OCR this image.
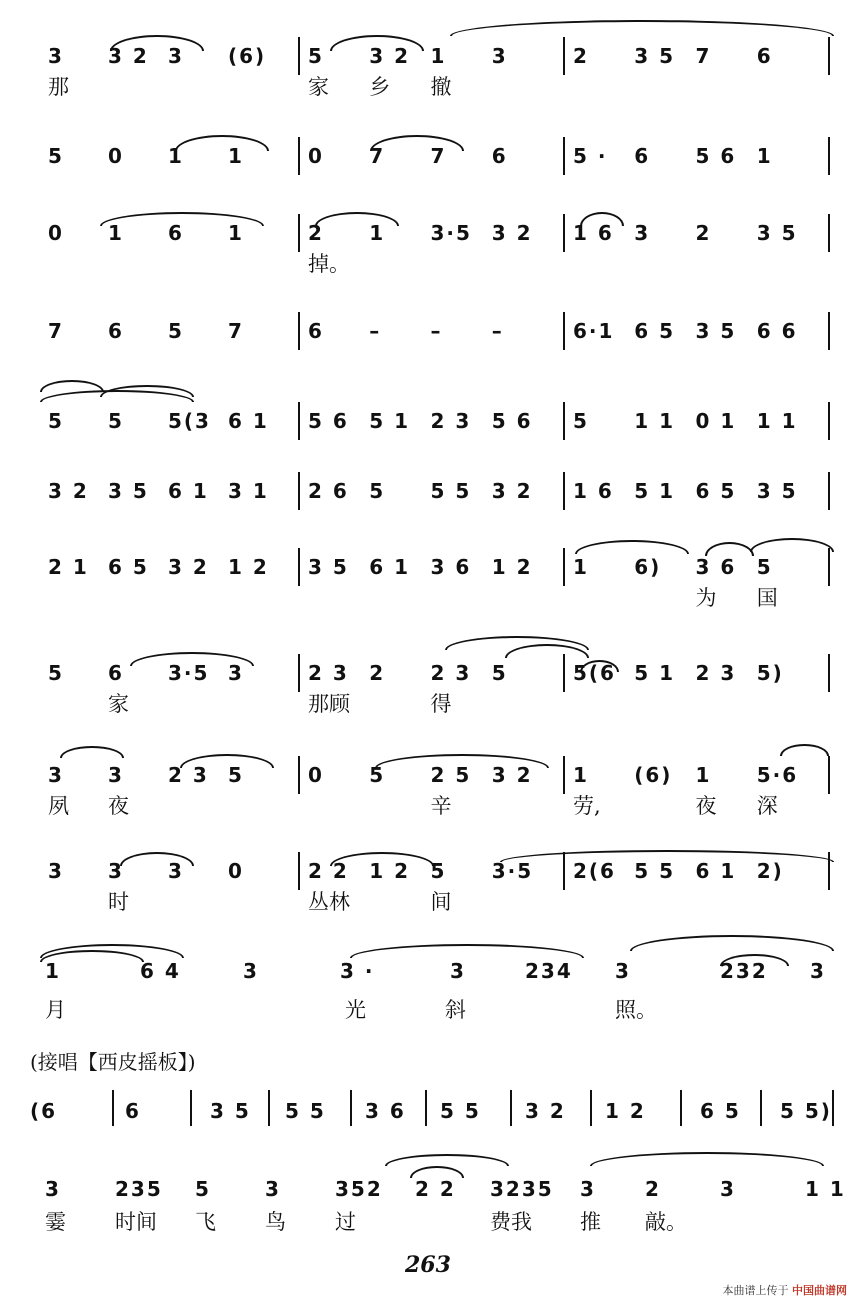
3 3 2 3 (6)
那
5 3 2 1 3
家 乡 撤
2 3 5 7 6
5 0 1 1	0 7 7 6	5 · 6 5 6 1
0 1 6 1	2 1 3·5 3 2
掉。
1 6 3 2 3 5
7 6 5 7	6 – – –	6·1 6 5 3 5 6 6
5 5 5(3 6 1 5 6 5 1 2 3 5 6 5 1 1 0 1 1 1
3 2 3 5 6 1 3 1 2 6 5 5 5 3 2 1 6 5 1 6 5 3 5
2 1 6 5 3 2 1 2 3 5 6 1 3 6 1 2 1 6) 3 6 5
为 国
5 6 3·5 3
家
2 3 2 2 3 5
那顾	得
5(6 5 1 2 3 5)
3 3 2 3 5
夙 夜
0 5 2 5 3 2
辛
1 (6) 1 5·6
劳,	夜 深
3 3 3 0
时
2 2 1 2 5 3·5
丛林	间
2(6 5 5 6 1 2)
1	6 4	3	3 ·	3	234 3	232 3
月	光	斜	照。
(接唱【西皮摇板】)
(6	6	3 5 5 5 3 6 5 5 3 2 1 2	6 5 5 5)
3	235 5	3	352 2 2 3235 3 2	3	1 1
霎 时间 飞 鸟 过	费我 推 敲。
263
本曲谱上传于 中国曲谱网
